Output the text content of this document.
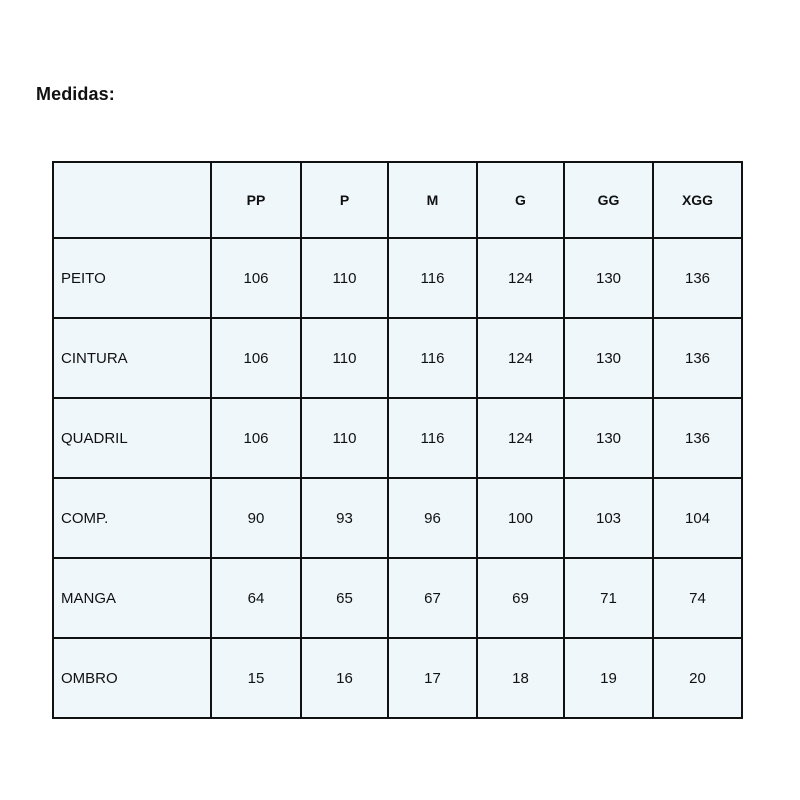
Medidas:
	PP	P	M	G	GG	XGG
PEITO	106	110	116	124	130	136
CINTURA	106	110	116	124	130	136
QUADRIL	106	110	116	124	130	136
COMP.	90	93	96	100	103	104
MANGA	64	65	67	69	71	74
OMBRO	15	16	17	18	19	20
